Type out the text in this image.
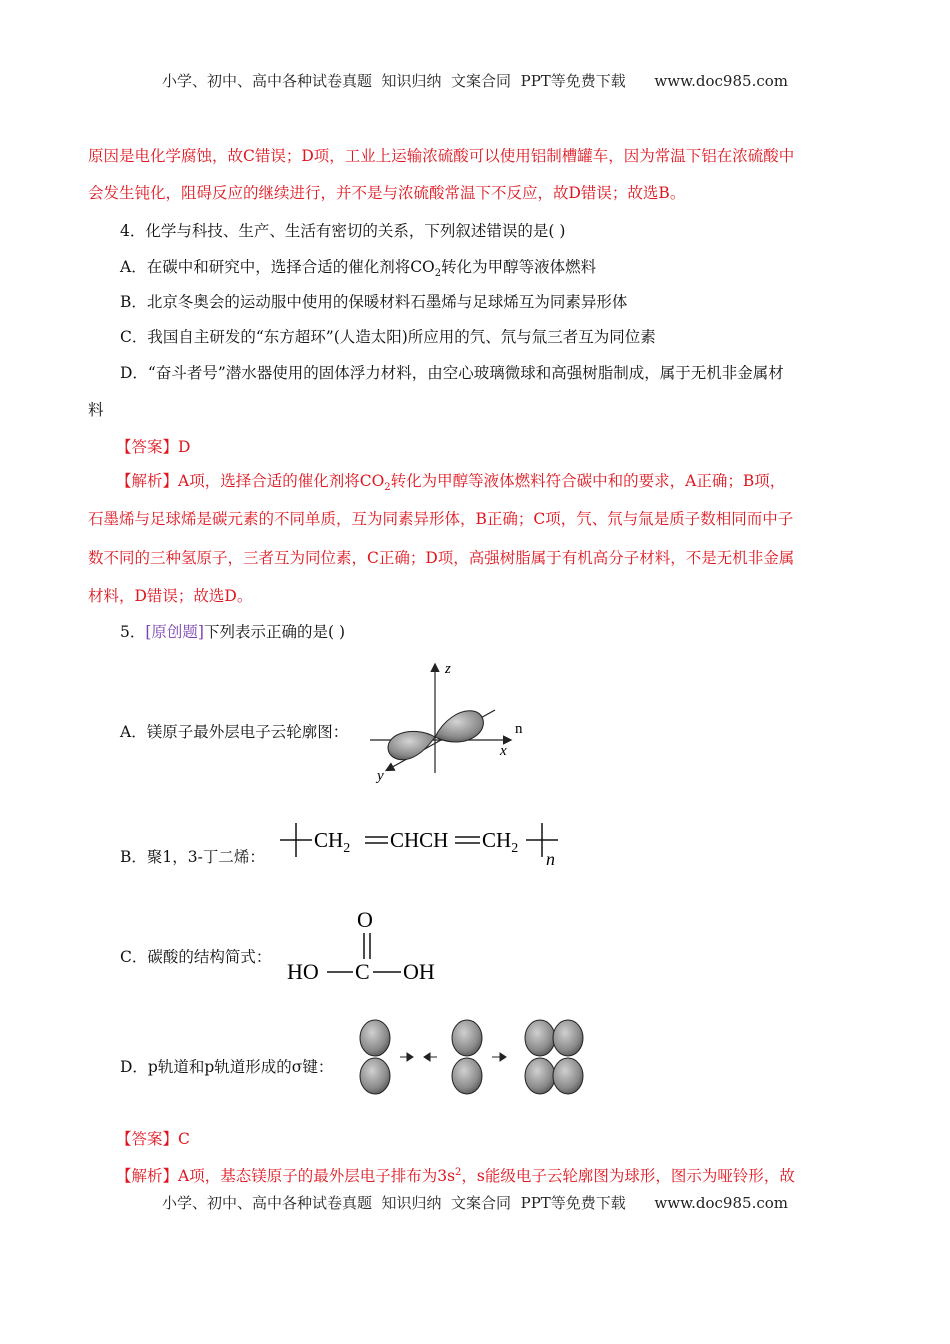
小学、初中、高中各种试卷真题  知识归纳  文案合同  PPT等免费下载      www.doc985.com
原因是电化学腐蚀，故C错误；D项，工业上运输浓硫酸可以使用铝制槽罐车，因为常温下铝在浓硫酸中
会发生钝化，阻碍反应的继续进行，并不是与浓硫酸常温下不反应，故D错误；故选B。
4．化学与科技、生产、生活有密切的关系，下列叙述错误的是( )
A．在碳中和研究中，选择合适的催化剂将$CO_2$转化为甲醇等液体燃料
B．北京冬奥会的运动服中使用的保暖材料石墨烯与足球烯互为同素异形体
C．我国自主研发的“东方超环”(人造太阳)所应用的氕、氘与氚三者互为同位素
D．“奋斗者号”潜水器使用的固体浮力材料，由空心玻璃微球和高强树脂制成，属于无机非金属材
料
【答案】D
【解析】A项，选择合适的催化剂将$CO_2$转化为甲醇等液体燃料符合碳中和的要求，A正确；B项，
石墨烯与足球烯是碳元素的不同单质，互为同素异形体，B正确；C项，氕、氘与氚是质子数相同而中子
数不同的三种氢原子，三者互为同位素，C正确；D项，高强树脂属于有机高分子材料，不是无机非金属
材料，D错误；故选D。
5．[原创题]下列表示正确的是( )
A．镁原子最外层电子云轮廓图：
z
x
y
n
B．聚1，3-丁二烯：
$CH_2$ CHCH $CH_2$
n
C．碳酸的结构简式：
O
HO C OH
D．p轨道和p轨道形成的σ键：
【答案】C
【解析】A项，基态镁原子的最外层电子排布为$3s^2$，s能级电子云轮廓图为球形，图示为哑铃形，故
小学、初中、高中各种试卷真题  知识归纳  文案合同  PPT等免费下载      www.doc985.com
